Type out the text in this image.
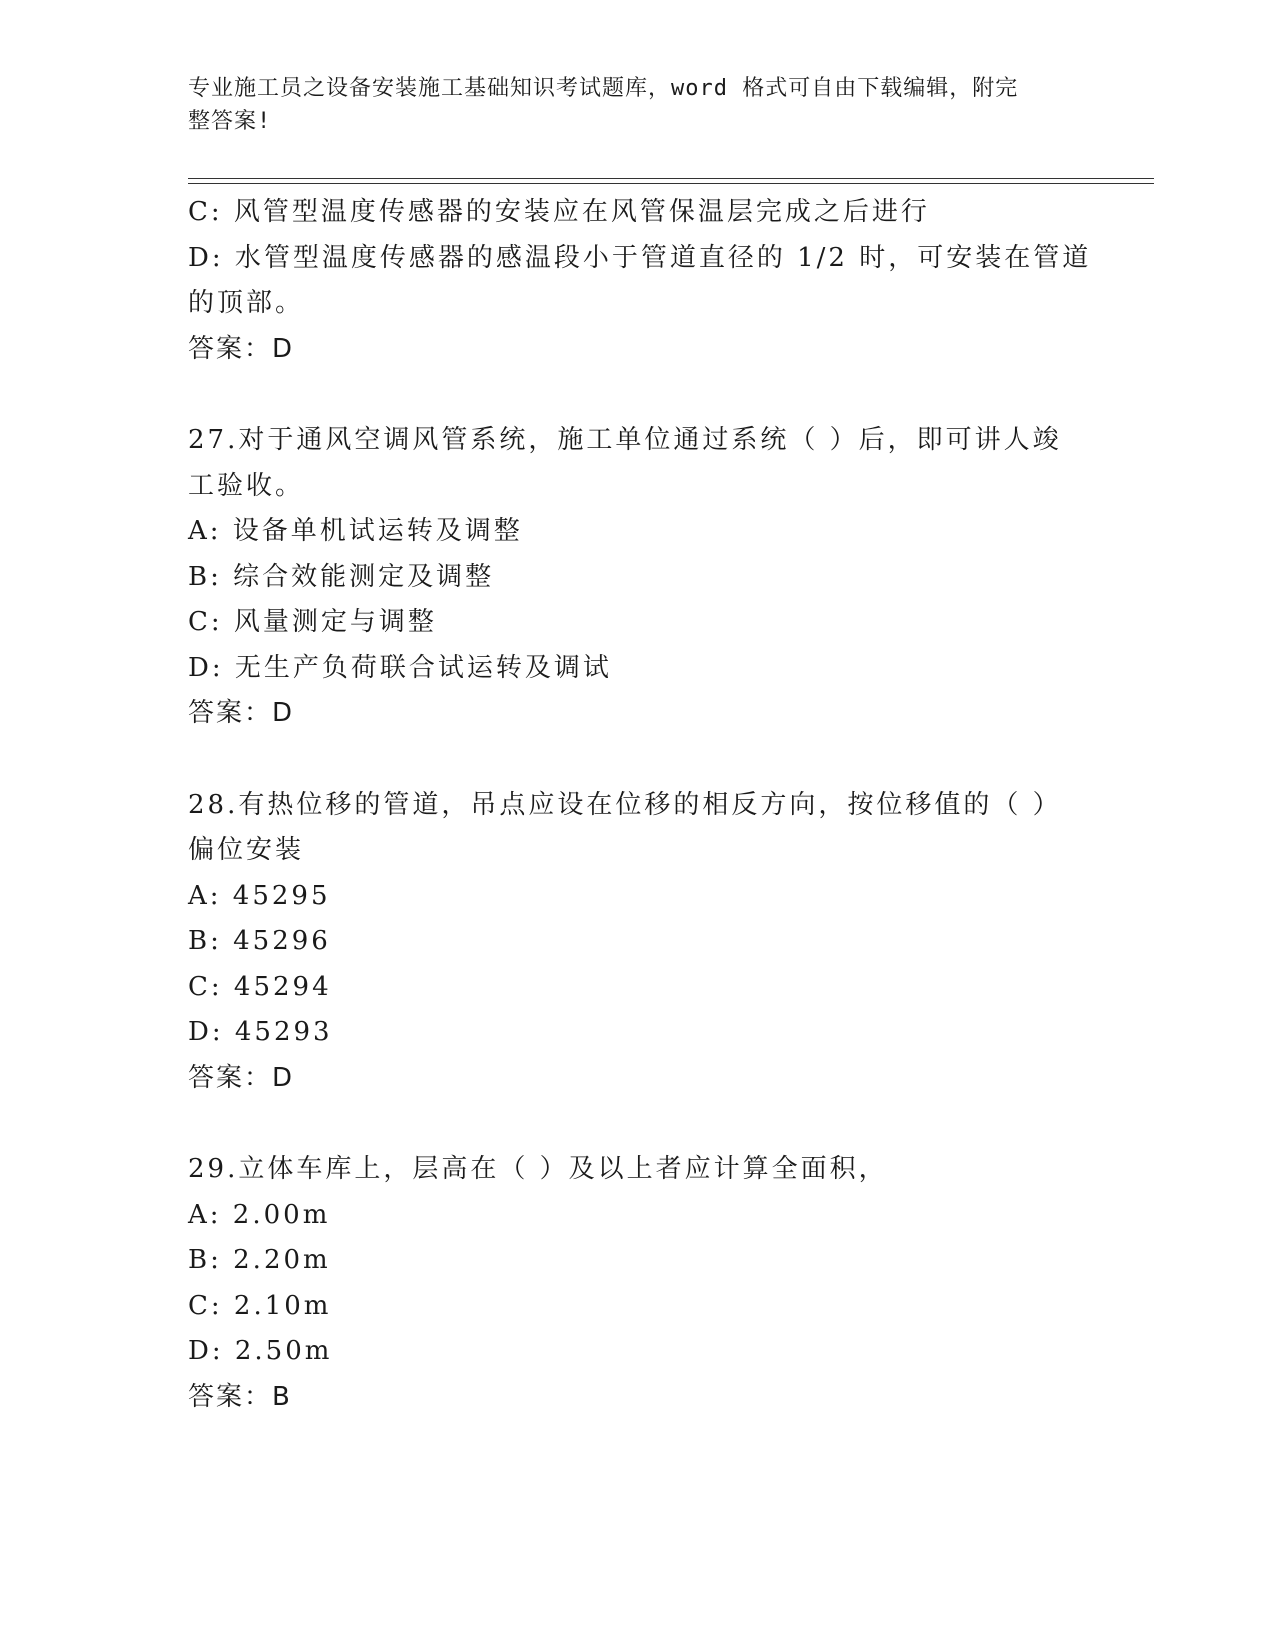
专业施工员之设备安装施工基础知识考试题库，word 格式可自由下载编辑，附完
整答案!
C: 风管型温度传感器的安装应在风管保温层完成之后进行
D: 水管型温度传感器的感温段小于管道直径的 1/2 时，可安装在管道
的顶部。
答案：D
27.对于通风空调风管系统，施工单位通过系统（ ）后，即可讲人竣
工验收。
A: 设备单机试运转及调整
B: 综合效能测定及调整
C: 风量测定与调整
D: 无生产负荷联合试运转及调试
答案：D
28.有热位移的管道，吊点应设在位移的相反方向，按位移值的（ ）
偏位安装
A: 45295
B: 45296
C: 45294
D: 45293
答案：D
29.立体车库上，层高在（ ）及以上者应计算全面积，
A: 2.00m
B: 2.20m
C: 2.10m
D: 2.50m
答案：B
